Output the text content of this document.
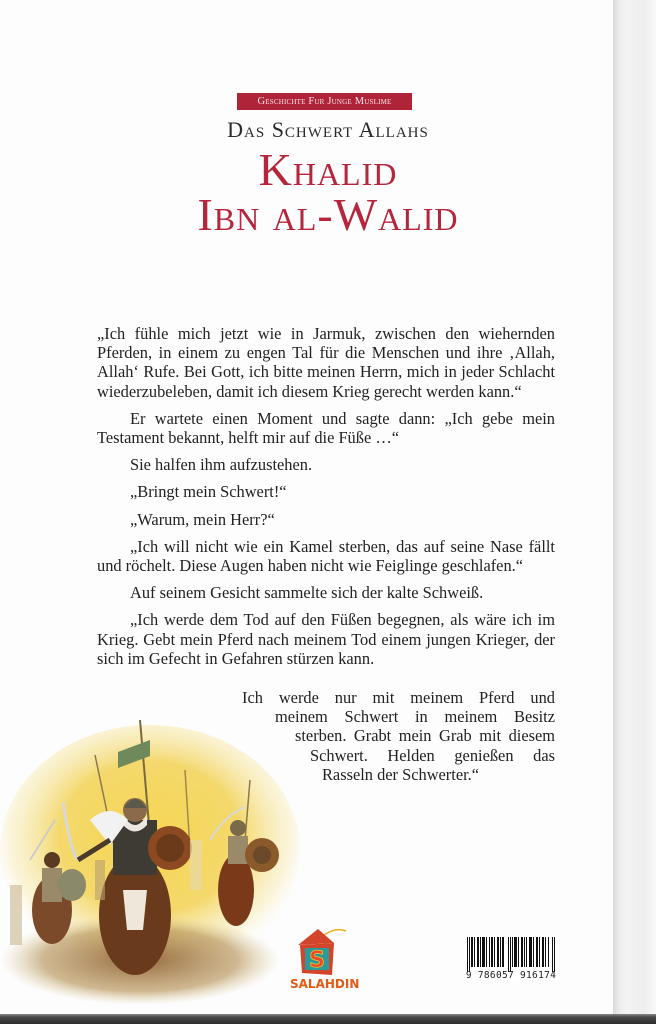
Geschichte Fur Junge Muslime
Das Schwert Allahs
Khalid
Ibn al-Walid

„Ich fühle mich jetzt wie in Jarmuk, zwischen den wiehernden Pferden, in einem zu engen Tal für die Menschen und ihre ‚Allah, Allah‘ Rufe. Bei Gott, ich bitte meinen Herrn, mich in jeder Schlacht wiederzubeleben, damit ich diesem Krieg gerecht werden kann.“

Er wartete einen Moment und sagte dann: „Ich gebe mein Testament bekannt, helft mir auf die Füße …“

Sie halfen ihm aufzustehen.

„Bringt mein Schwert!“

„Warum, mein Herr?“

„Ich will nicht wie ein Kamel sterben, das auf seine Nase fällt und röchelt. Diese Augen haben nicht wie Feiglinge geschlafen.“

Auf seinem Gesicht sammelte sich der kalte Schweiß.

„Ich werde dem Tod auf den Füßen begegnen, als wäre ich im Krieg. Gebt mein Pferd nach meinem Tod einem jungen Krieger, der sich im Gefecht in Gefahren stürzen kann.

Ich werde nur mit meinem Pferd und
meinem Schwert in meinem Besitz
sterben. Grabt mein Grab mit diesem
Schwert. Helden genießen das
Rasseln der Schwerter.“
S
SALAHDIN
9 786057 916174
